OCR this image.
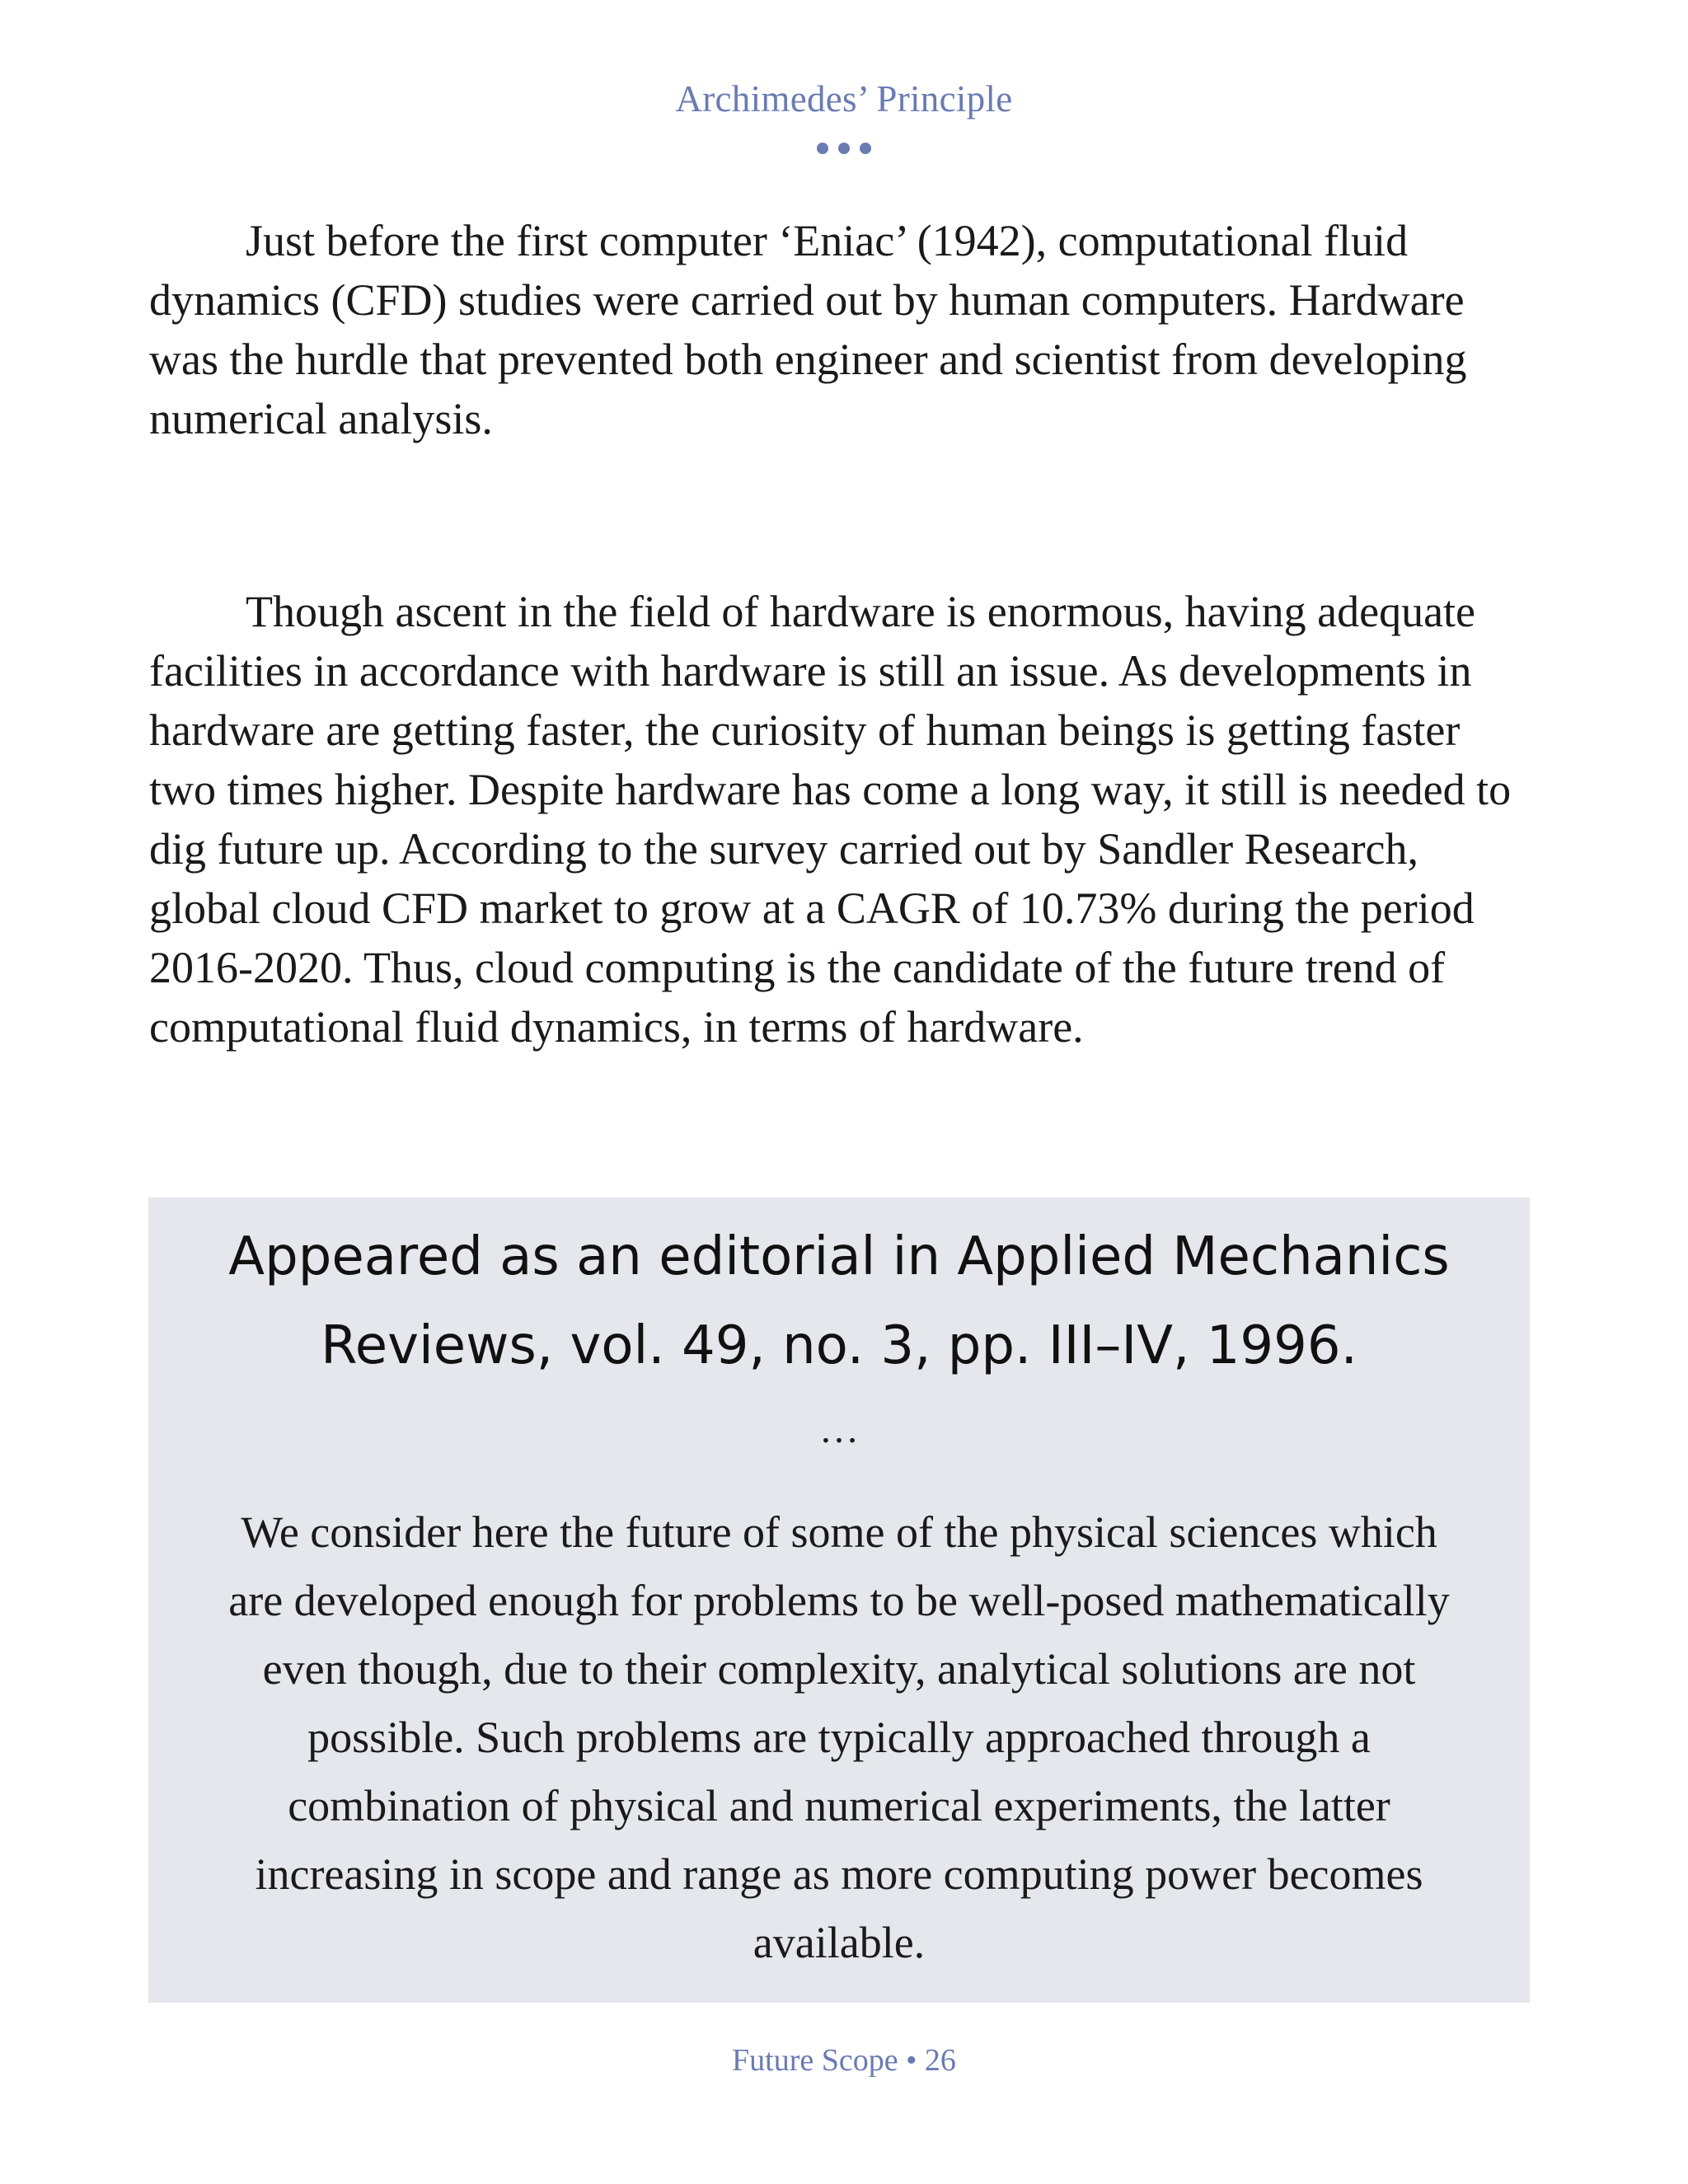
Archimedes’ Principle

Just before the first computer ‘Eniac’ (1942), computational fluid dynamics (CFD) studies were carried out by human computers. Hardware was the hurdle that prevented both engineer and scientist from developing numerical analysis.

Though ascent in the field of hardware is enormous, having adequate facilities in accordance with hardware is still an issue. As developments in hardware are getting faster, the curiosity of human beings is getting faster two times higher. Despite hardware has come a long way, it still is needed to dig future up. According to the survey carried out by Sandler Research, global cloud CFD market to grow at a CAGR of 10.73% during the period 2016-2020. Thus, cloud computing is the candidate of the future trend of computational fluid dynamics, in terms of hardware.

Appeared as an editorial in Applied Mechanics
Reviews, vol. 49, no. 3, pp. III–IV, 1996.
…

We consider here the future of some of the physical sciences which
are developed enough for problems to be well-posed mathematically
even though, due to their complexity, analytical solutions are not
possible. Such problems are typically approached through a
combination of physical and numerical experiments, the latter
increasing in scope and range as more computing power becomes
available.

Future Scope • 26
